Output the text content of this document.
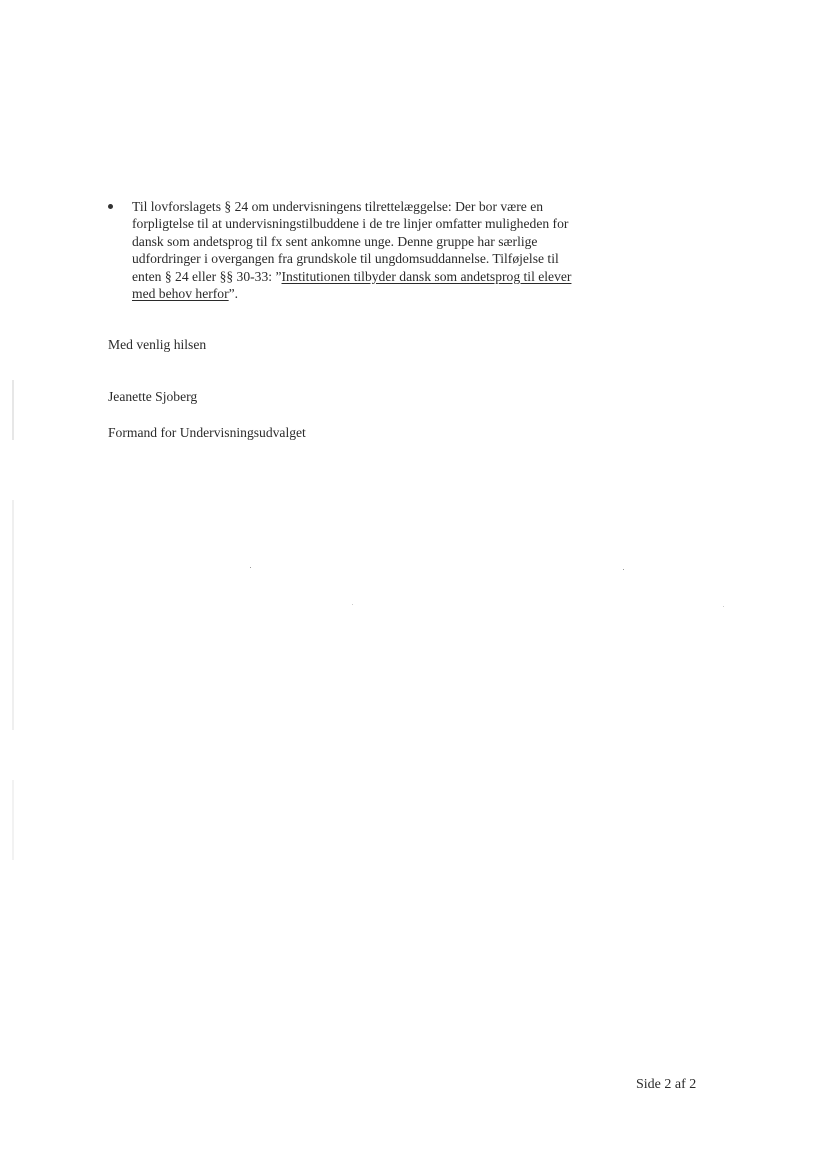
Til lovforslagets § 24 om undervisningens tilrettelæggelse: Der bor være en forpligtelse til at undervisningstilbuddene i de tre linjer omfatter muligheden for dansk som andetsprog til fx sent ankomne unge. Denne gruppe har særlige udfordringer i overgangen fra grundskole til ungdomsuddannelse. Tilføjelse til enten § 24 eller §§ 30-33: ”Institutionen tilbyder dansk som andetsprog til elever med behov herfor”.
Med venlig hilsen
Jeanette Sjoberg
Formand for Undervisningsudvalget
Side 2 af 2
